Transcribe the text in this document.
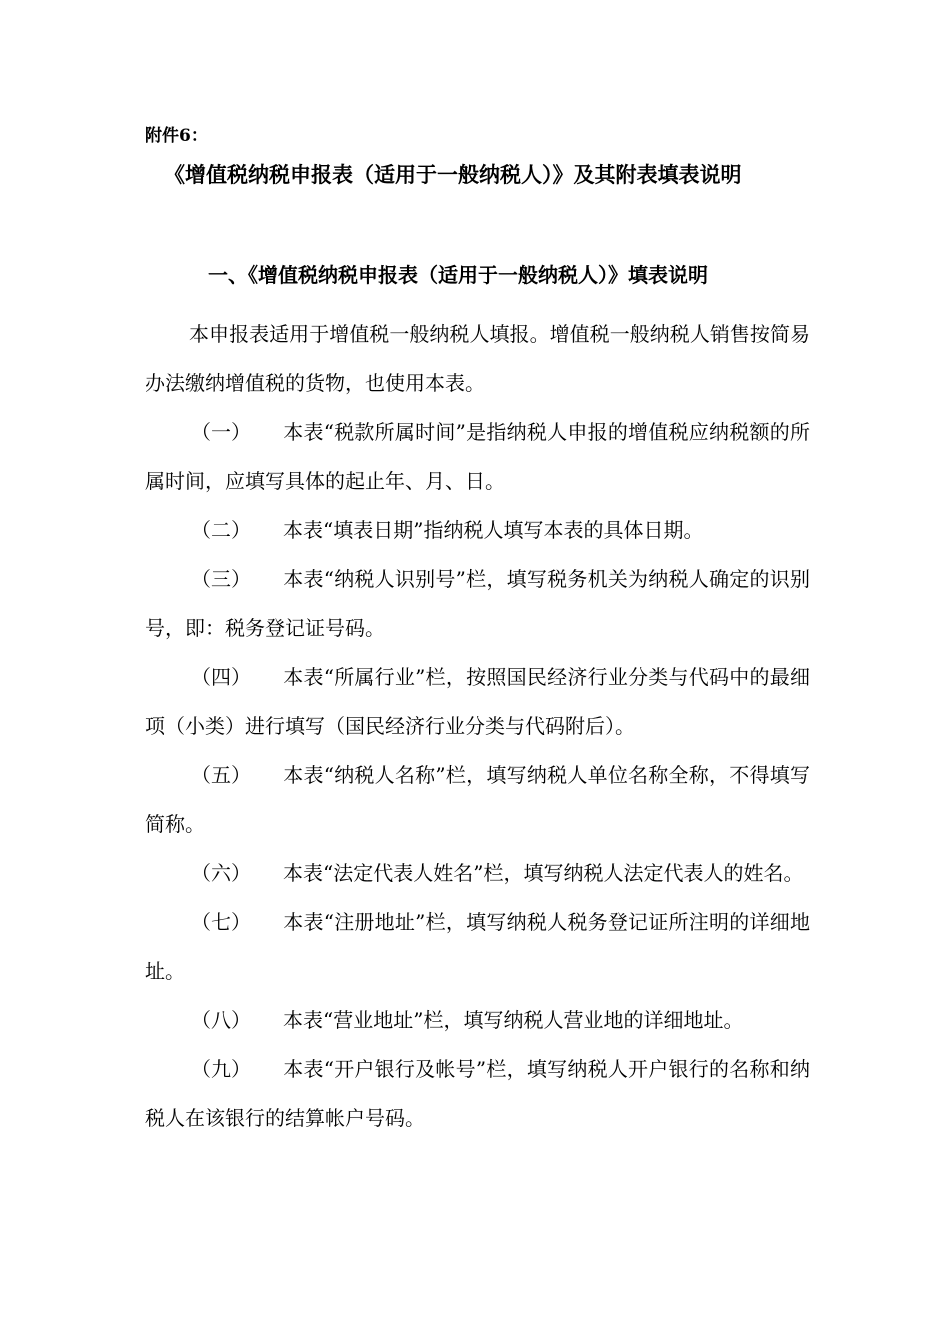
附件6：
《增值税纳税申报表（适用于一般纳税人）》及其附表填表说明
一、《增值税纳税申报表（适用于一般纳税人）》填表说明

本申报表适用于增值税一般纳税人填报。增值税一般纳税人销售按简易办法缴纳增值税的货物，也使用本表。

（一） 本表“税款所属时间”是指纳税人申报的增值税应纳税额的所属时间，应填写具体的起止年、月、日。

（二） 本表“填表日期”指纳税人填写本表的具体日期。

（三） 本表“纳税人识别号”栏，填写税务机关为纳税人确定的识别号，即：税务登记证号码。

（四） 本表“所属行业”栏，按照国民经济行业分类与代码中的最细项（小类）进行填写（国民经济行业分类与代码附后）。

（五） 本表“纳税人名称”栏，填写纳税人单位名称全称，不得填写简称。

（六） 本表“法定代表人姓名”栏，填写纳税人法定代表人的姓名。

（七） 本表“注册地址”栏，填写纳税人税务登记证所注明的详细地址。

（八） 本表“营业地址”栏，填写纳税人营业地的详细地址。

（九） 本表“开户银行及帐号”栏，填写纳税人开户银行的名称和纳税人在该银行的结算帐户号码。
